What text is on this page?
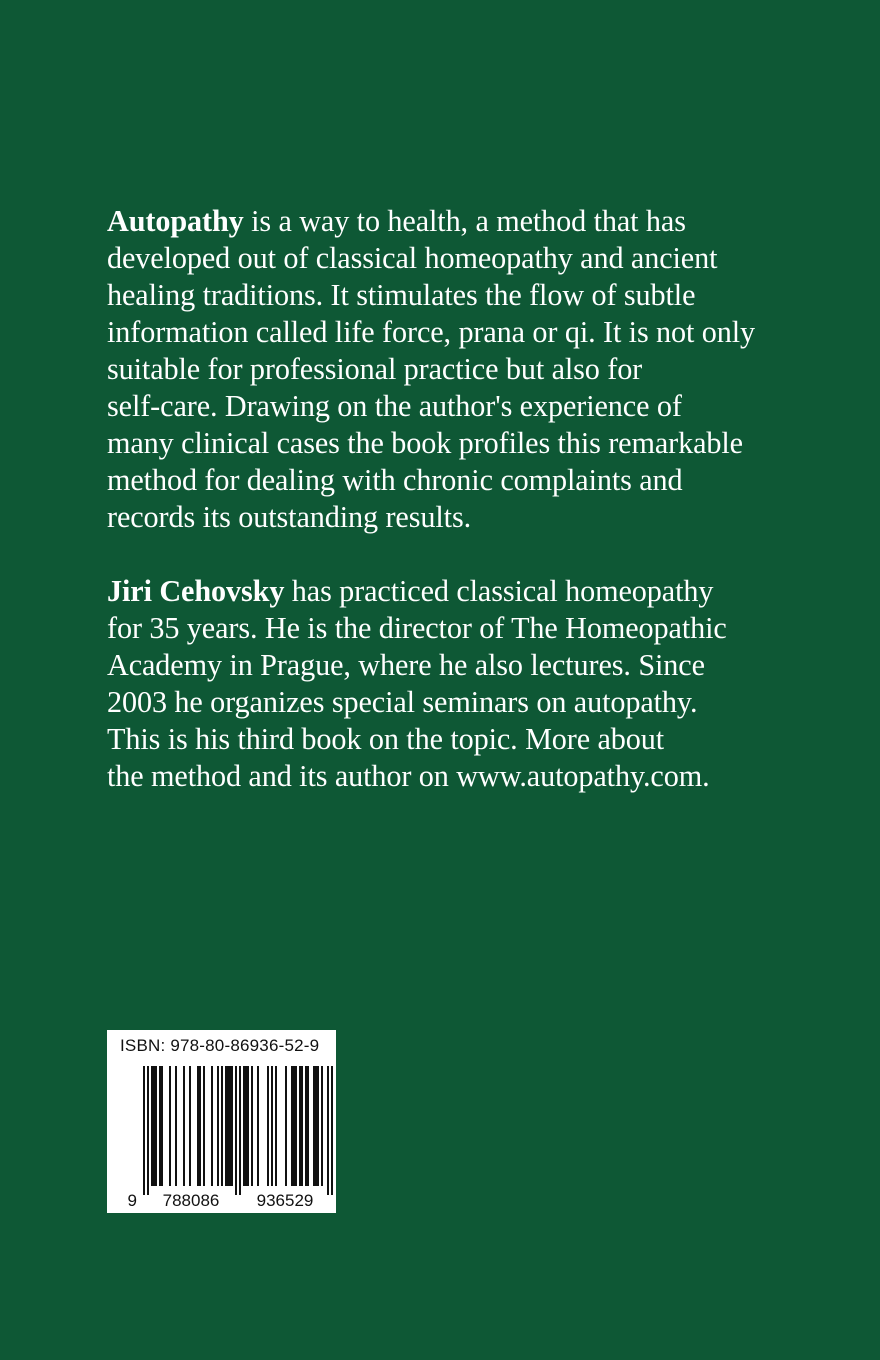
Autopathy is a way to health, a method that has
developed out of classical homeopathy and ancient
healing traditions. It stimulates the flow of subtle
information called life force, prana or qi. It is not only
suitable for professional practice but also for
self-care. Drawing on the author's experience of
many clinical cases the book profiles this remarkable
method for dealing with chronic complaints and
records its outstanding results.

Jiri Cehovsky has practiced classical homeopathy
for 35 years. He is the director of The Homeopathic
Academy in Prague, where he also lectures. Since
2003 he organizes special seminars on autopathy.
This is his third book on the topic. More about
the method and its author on www.autopathy.com.

9 788086 936529
ISBN: 978-80-86936-52-9
